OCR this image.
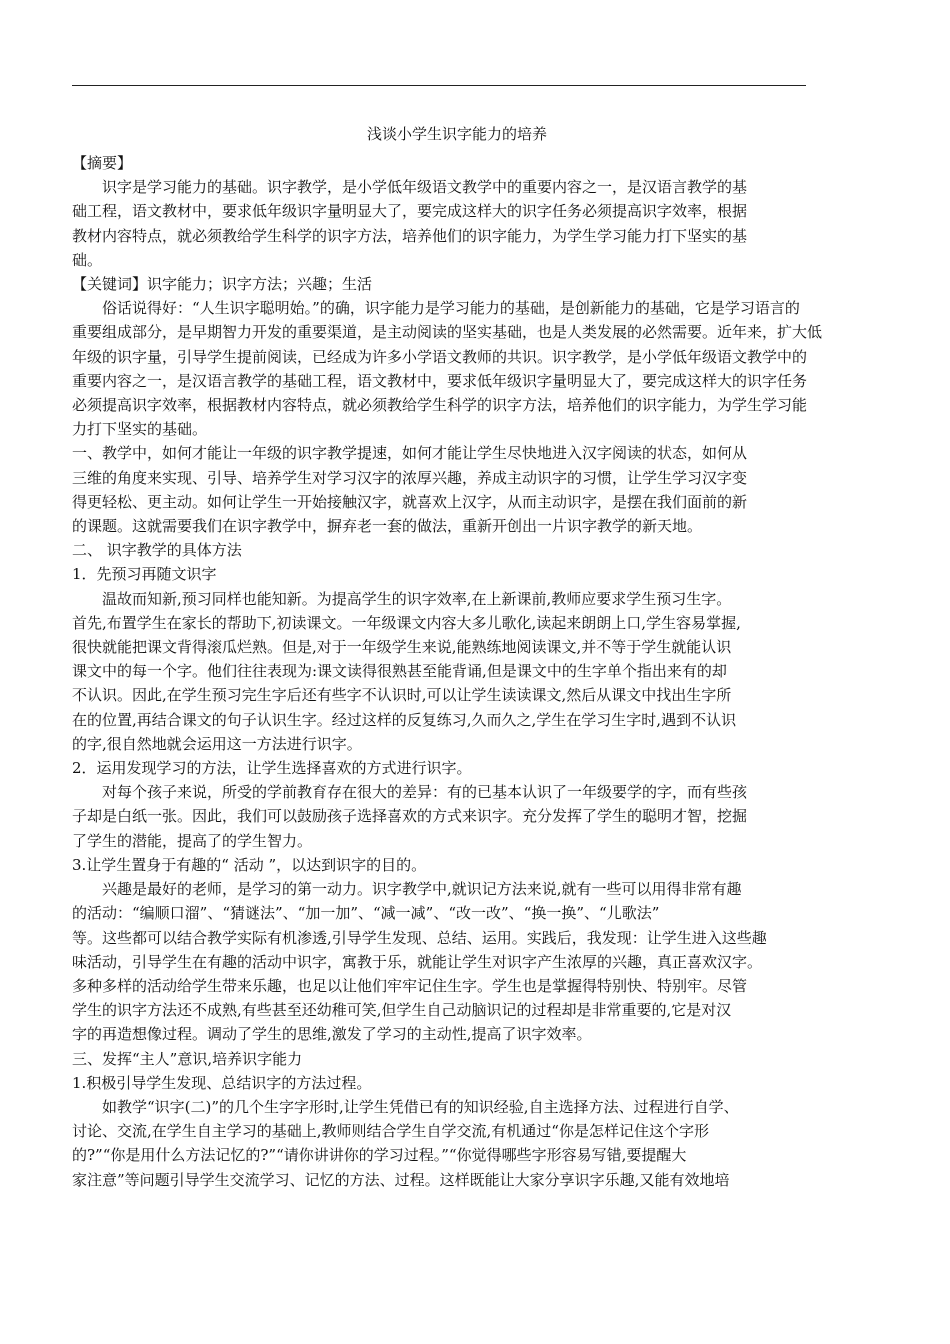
浅谈小学生识字能力的培养
【摘要】
识字是学习能力的基础。识字教学，是小学低年级语文教学中的重要内容之一，是汉语言教学的基
础工程，语文教材中，要求低年级识字量明显大了，要完成这样大的识字任务必须提高识字效率，根据
教材内容特点，就必须教给学生科学的识字方法，培养他们的识字能力，为学生学习能力打下坚实的基
础。
【关键词】识字能力；识字方法；兴趣；生活
俗话说得好：“人生识字聪明始。”的确，识字能力是学习能力的基础，是创新能力的基础，它是学习语言的
重要组成部分，是早期智力开发的重要渠道，是主动阅读的坚实基础，也是人类发展的必然需要。近年来，扩大低
年级的识字量，引导学生提前阅读，已经成为许多小学语文教师的共识。识字教学，是小学低年级语文教学中的
重要内容之一，是汉语言教学的基础工程，语文教材中，要求低年级识字量明显大了，要完成这样大的识字任务
必须提高识字效率，根据教材内容特点，就必须教给学生科学的识字方法，培养他们的识字能力，为学生学习能
力打下坚实的基础。
一、教学中，如何才能让一年级的识字教学提速，如何才能让学生尽快地进入汉字阅读的状态，如何从
三维的角度来实现、引导、培养学生对学习汉字的浓厚兴趣，养成主动识字的习惯，让学生学习汉字变
得更轻松、更主动。如何让学生一开始接触汉字，就喜欢上汉字，从而主动识字，是摆在我们面前的新
的课题。这就需要我们在识字教学中，摒弃老一套的做法，重新开创出一片识字教学的新天地。
二、 识字教学的具体方法
1．先预习再随文识字
温故而知新,预习同样也能知新。为提高学生的识字效率,在上新课前,教师应要求学生预习生字。
首先,布置学生在家长的帮助下,初读课文。一年级课文内容大多儿歌化,读起来朗朗上口,学生容易掌握,
很快就能把课文背得滚瓜烂熟。但是,对于一年级学生来说,能熟练地阅读课文,并不等于学生就能认识
课文中的每一个字。他们往往表现为:课文读得很熟甚至能背诵,但是课文中的生字单个指出来有的却
不认识。因此,在学生预习完生字后还有些字不认识时,可以让学生读读课文,然后从课文中找出生字所
在的位置,再结合课文的句子认识生字。经过这样的反复练习,久而久之,学生在学习生字时,遇到不认识
的字,很自然地就会运用这一方法进行识字。
2．运用发现学习的方法，让学生选择喜欢的方式进行识字。
对每个孩子来说，所受的学前教育存在很大的差异：有的已基本认识了一年级要学的字，而有些孩
子却是白纸一张。因此，我们可以鼓励孩子选择喜欢的方式来识字。充分发挥了学生的聪明才智，挖掘
了学生的潜能，提高了的学生智力。
3.让学生置身于有趣的“ 活动 ”，以达到识字的目的。
兴趣是最好的老师，是学习的第一动力。识字教学中,就识记方法来说,就有一些可以用得非常有趣
的活动：“编顺口溜”、“猜谜法”、“加一加”、“减一减”、“改一改”、“换一换”、“儿歌法”
等。这些都可以结合教学实际有机渗透,引导学生发现、总结、运用。实践后，我发现：让学生进入这些趣
味活动，引导学生在有趣的活动中识字，寓教于乐，就能让学生对识字产生浓厚的兴趣，真正喜欢汉字。
多种多样的活动给学生带来乐趣，也足以让他们牢牢记住生字。学生也是掌握得特别快、特别牢。尽管
学生的识字方法还不成熟,有些甚至还幼稚可笑,但学生自己动脑识记的过程却是非常重要的,它是对汉
字的再造想像过程。调动了学生的思维,激发了学习的主动性,提高了识字效率。
三、发挥“主人”意识,培养识字能力
1.积极引导学生发现、总结识字的方法过程。
如教学“识字(二)”的几个生字字形时,让学生凭借已有的知识经验,自主选择方法、过程进行自学、
讨论、交流,在学生自主学习的基础上,教师则结合学生自学交流,有机通过“你是怎样记住这个字形
的?”“你是用什么方法记忆的?”“请你讲讲你的学习过程。”“你觉得哪些字形容易写错,要提醒大
家注意”等问题引导学生交流学习、记忆的方法、过程。这样既能让大家分享识字乐趣,又能有效地培
